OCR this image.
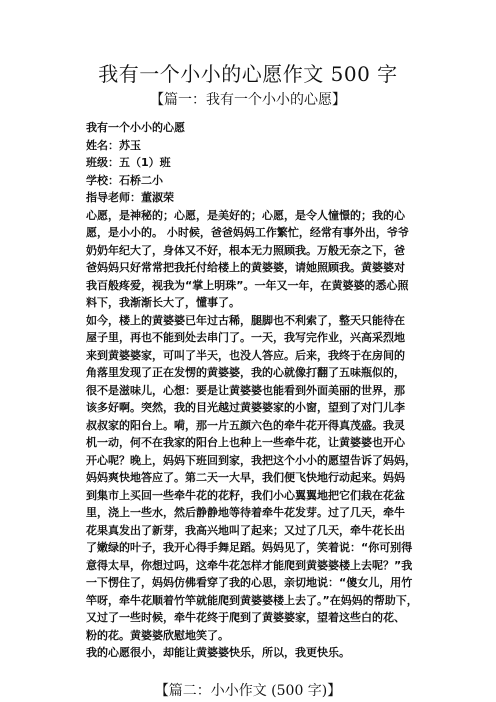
我有一个小小的心愿作文 500 字
【篇一：我有一个小小的心愿】
我有一个小小的心愿
姓名：苏玉
班级：五（1）班
学校：石桥二小
指导老师：董淑荣
心愿，是神秘的；心愿，是美好的；心愿，是令人憧憬的；我的心
愿，是小小的。 小时候，爸爸妈妈工作繁忙，经常有事外出，爷爷
奶奶年纪大了，身体又不好，根本无力照顾我。万般无奈之下，爸
爸妈妈只好常常把我托付给楼上的黄婆婆，请她照顾我。黄婆婆对
我百般疼爱，视我为“掌上明珠”。一年又一年，在黄婆婆的悉心照
料下，我渐渐长大了，懂事了。
如今，楼上的黄婆婆已年过古稀，腿脚也不利索了，整天只能待在
屋子里，再也不能到处去串门了。一天，我写完作业，兴高采烈地
来到黄婆婆家，可叫了半天，也没人答应。后来，我终于在房间的
角落里发现了正在发愣的黄婆婆，我的心就像打翻了五味瓶似的，
很不是滋味儿，心想：要是让黄婆婆也能看到外面美丽的世界，那
该多好啊。突然，我的目光越过黄婆婆家的小窗，望到了对门儿李
叔叔家的阳台上。嗬，那一片五颜六色的牵牛花开得真茂盛。我灵
机一动，何不在我家的阳台上也种上一些牵牛花，让黄婆婆也开心
开心呢？晚上，妈妈下班回到家，我把这个小小的愿望告诉了妈妈，
妈妈爽快地答应了。第二天一大早，我们便飞快地行动起来。妈妈
到集市上买回一些牵牛花的花籽，我们小心翼翼地把它们栽在花盆
里，浇上一些水，然后静静地等待着牵牛花发芽。过了几天，牵牛
花果真发出了新芽，我高兴地叫了起来；又过了几天，牵牛花长出
了嫩绿的叶子，我开心得手舞足蹈。妈妈见了，笑着说：“你可别得
意得太早，你想过吗，这牵牛花怎样才能爬到黄婆婆楼上去呢？”我
一下愣住了，妈妈仿佛看穿了我的心思，亲切地说：“傻女儿，用竹
竿呀，牵牛花顺着竹竿就能爬到黄婆婆楼上去了。”在妈妈的帮助下，
又过了一些时候，牵牛花终于爬到了黄婆婆家，望着这些白的花、
粉的花。黄婆婆欣慰地笑了。
我的心愿很小，却能让黄婆婆快乐，所以，我更快乐。
【篇二：小小作文 (500 字)】
